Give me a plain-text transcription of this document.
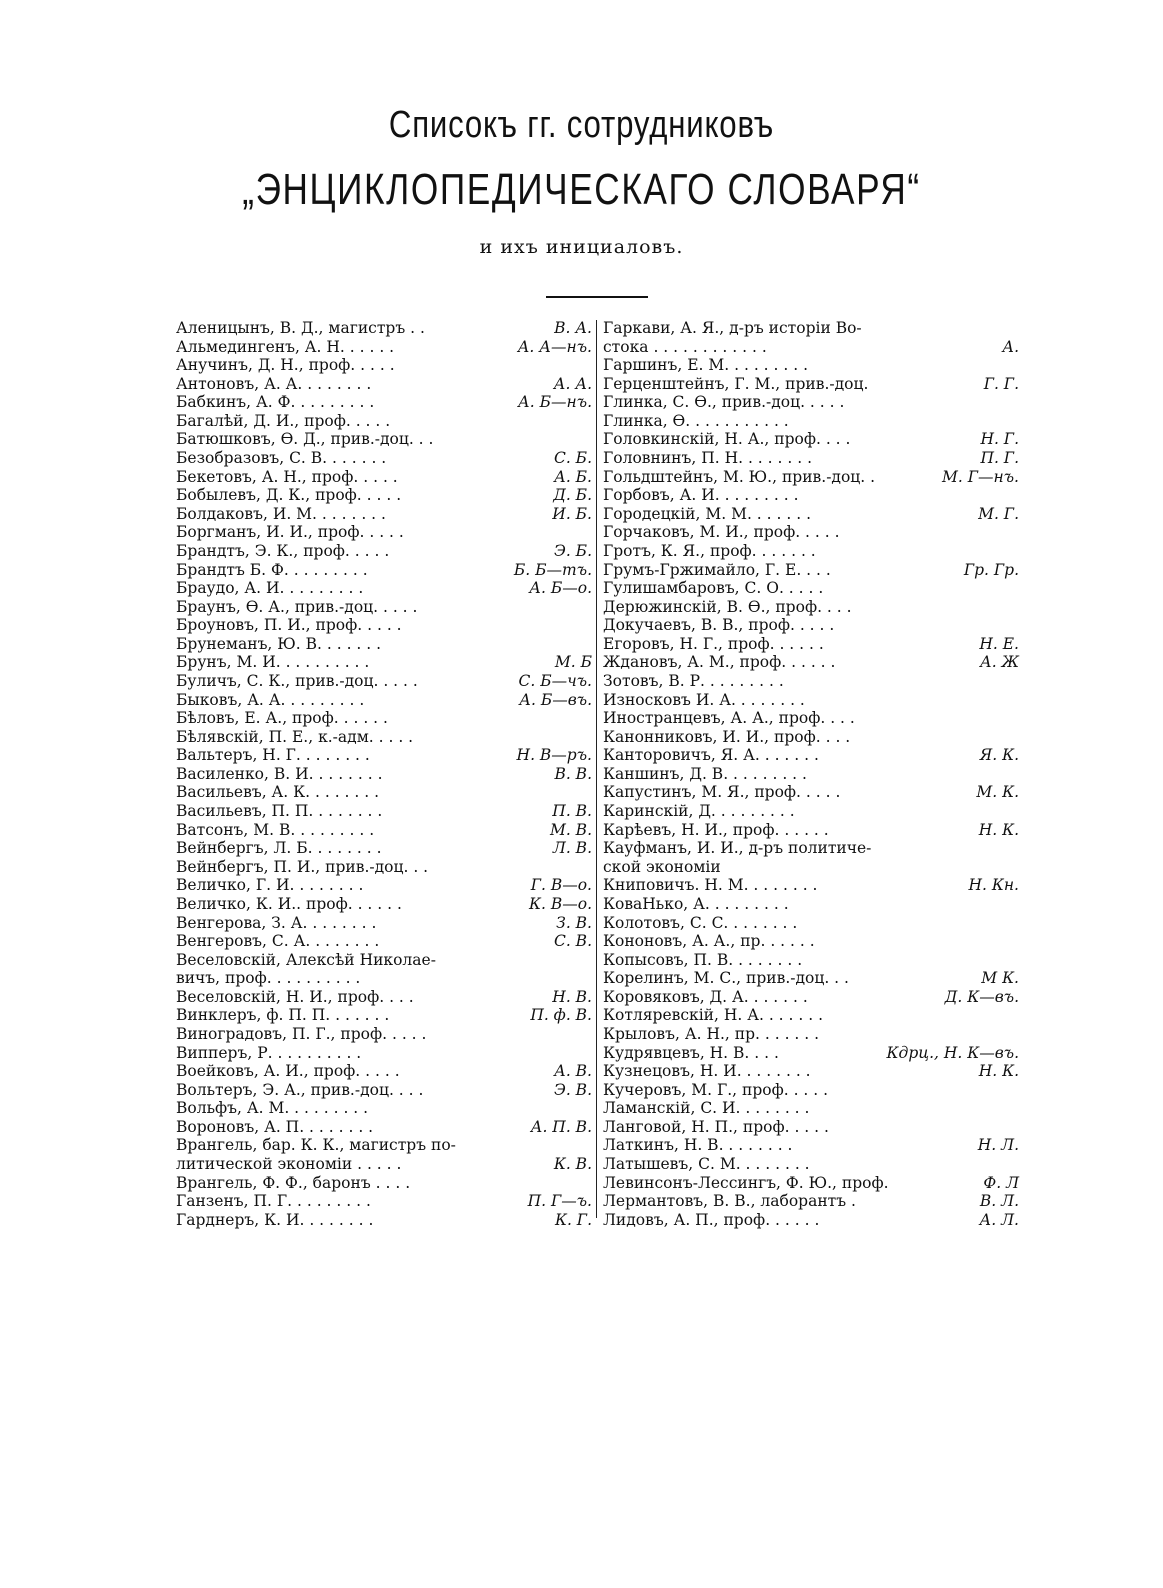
Списокъ гг. сотрудниковъ
„ЭНЦИКЛОПЕДИЧЕСКАГО СЛОВАРЯ“
и ихъ инициаловъ.
Аленицынъ, В. Д., магистръ . .	В. А.
Альмедингенъ, А. Н. . . . . .	А. А—нъ.
Анучинъ, Д. Н., проф. . . . .
Антоновъ, А. А. . . . . . . .	А. А.
Бабкинъ, А. Ф. . . . . . . . .	А. Б—нъ.
Багалѣй, Д. И., проф. . . . .
Батюшковъ, Ѳ. Д., прив.-доц. . .
Безобразовъ, С. В. . . . . . .	С. Б.
Бекетовъ, А. Н., проф. . . . .	А. Б.
Бобылевъ, Д. К., проф. . . . .	Д. Б.
Болдаковъ, И. М. . . . . . . .	И. Б.
Боргманъ, И. И., проф. . . . .
Брандтъ, Э. К., проф. . . . .	Э. Б.
Брандтъ Б. Ф. . . . . . . . .	Б. Б—тъ.
Браудо, А. И. . . . . . . . .	А. Б—о.
Браунъ, Ѳ. А., прив.-доц. . . . .
Броуновъ, П. И., проф. . . . .
Брунеманъ, Ю. В. . . . . . .
Брунъ, М. И. . . . . . . . . .	М. Б
Буличъ, С. К., прив.-доц. . . . .	С. Б—чъ.
Быковъ, А. А. . . . . . . . .	А. Б—въ.
Бѣловъ, Е. А., проф. . . . . .
Бѣлявскій, П. Е., к.-адм. . . . .
Вальтеръ, Н. Г. . . . . . . .	Н. В—ръ.
Василенко, В. И. . . . . . . .	В. В.
Васильевъ, А. К. . . . . . . .
Васильевъ, П. П. . . . . . . .	П. В.
Ватсонъ, М. В. . . . . . . . .	М. В.
Вейнбергъ, Л. Б. . . . . . . .	Л. В.
Вейнбергъ, П. И., прив.-доц. . .
Величко, Г. И. . . . . . . .	Г. В—о.
Величко, К. И.. проф. . . . . .	К. В—о.
Венгерова, З. А. . . . . . . .	З. В.
Венгеровъ, С. А. . . . . . . .	С. В.
Веселовскій, Алексѣй Николае-
вичъ, проф. . . . . . . . . .
Веселовскій, Н. И., проф. . . .	Н. В.
Винклеръ, ф. П. П. . . . . . .	П. ф. В.
Виноградовъ, П. Г., проф. . . . .
Випперъ, Р. . . . . . . . . .
Воейковъ, А. И., проф. . . . .	А. В.
Вольтеръ, Э. А., прив.-доц. . . .	Э. В.
Вольфъ, А. М. . . . . . . . .
Вороновъ, А. П. . . . . . . .	А. П. В.
Врангель, бар. К. К., магистръ по-
литической экономіи . . . . .	К. В.
Врангель, Ф. Ф., баронъ . . . .
Ганзенъ, П. Г. . . . . . . . .	П. Г—ъ.
Гарднеръ, К. И. . . . . . . .	К. Г.
Гаркави, А. Я., д-ръ исторіи Во-
стока . . . . . . . . . . . .	А.
Гаршинъ, Е. М. . . . . . . . .
Герценштейнъ, Г. М., прив.-доц.	Г. Г.
Глинка, С. Ѳ., прив.-доц. . . . .
Глинка, Ѳ. . . . . . . . . . .
Головкинскій, Н. А., проф. . . .	Н. Г.
Головнинъ, П. Н. . . . . . . .	П. Г.
Гольдштейнъ, М. Ю., прив.-доц. .	М. Г—нъ.
Горбовъ, А. И. . . . . . . . .
Городецкій, М. М. . . . . . .	М. Г.
Горчаковъ, М. И., проф. . . . .
Гротъ, К. Я., проф. . . . . . .
Грумъ-Гржимайло, Г. Е. . . .	Гр. Гр.
Гулишамбаровъ, С. О. . . . .
Дерюжинскій, В. Ѳ., проф. . . .
Докучаевъ, В. В., проф. . . . .
Егоровъ, Н. Г., проф. . . . . .	Н. Е.
Ждановъ, А. М., проф. . . . . .	А. Ж
Зотовъ, В. Р. . . . . . . . .
Износковъ И. А. . . . . . . .
Иностранцевъ, А. А., проф. . . .
Канонниковъ, И. И., проф. . . .
Канторовичъ, Я. А. . . . . . .	Я. К.
Каншинъ, Д. В. . . . . . . . .
Капустинъ, М. Я., проф. . . . .	М. К.
Каринскій, Д. . . . . . . . .
Карѣевъ, Н. И., проф. . . . . .	Н. К.
Кауфманъ, И. И., д-ръ политиче-
ской экономіи
Книповичъ. Н. М. . . . . . . .	Н. Кн.
КоваНько, А. . . . . . . . .
Колотовъ, С. С. . . . . . . .
Кононовъ, А. А., пр. . . . . .
Копысовъ, П. В. . . . . . . .
Корелинъ, М. С., прив.-доц. . .	М К.
Коровяковъ, Д. А. . . . . . .	Д. К—въ.
Котляревскій, Н. А. . . . . . .
Крыловъ, А. Н., пр. . . . . . .
Кудрявцевъ, Н. В. . . .	Кдрц., Н. К—въ.
Кузнецовъ, Н. И. . . . . . . .	Н. К.
Кучеровъ, М. Г., проф. . . . .
Ламанскій, С. И. . . . . . . .
Ланговой, Н. П., проф. . . . .
Латкинъ, Н. В. . . . . . . .	Н. Л.
Латышевъ, С. М. . . . . . . .
Левинсонъ-Лессингъ, Ф. Ю., проф.	Ф. Л
Лермантовъ, В. В., лаборантъ .	В. Л.
Лидовъ, А. П., проф. . . . . .	А. Л.
